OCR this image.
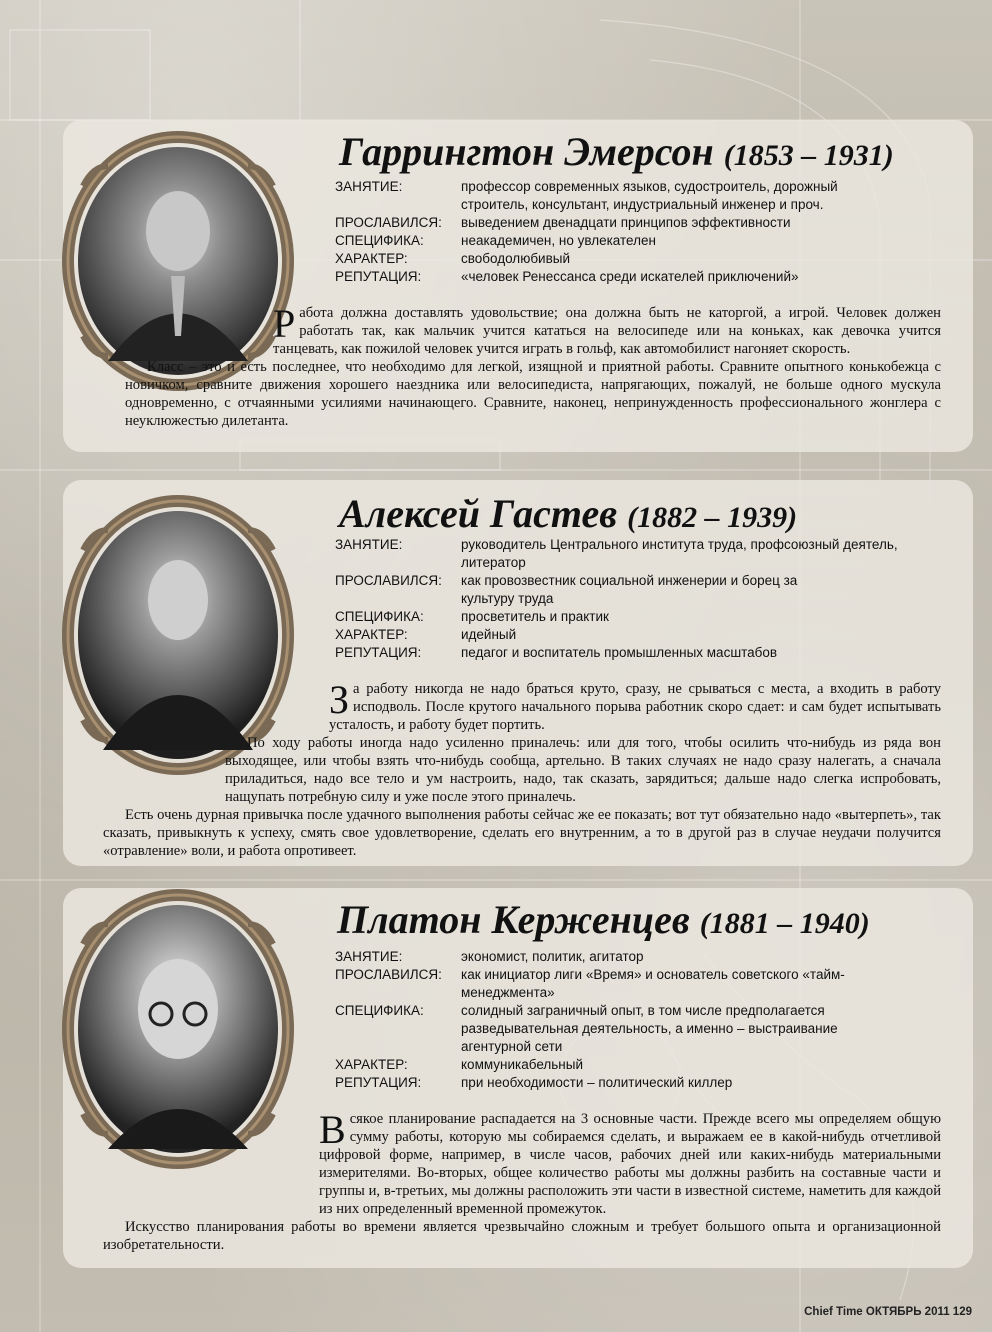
Гаррингтон Эмерсон (1853 – 1931)
ЗАНЯТИЕ:	профессор современных языков, судостроитель, дорожный строитель, консультант, индустриальный инженер и проч.
ПРОСЛАВИЛСЯ:	выведением двенадцати принципов эффективности
СПЕЦИФИКА:	неакадемичен, но увлекателен
ХАРАКТЕР:	свободолюбивый
РЕПУТАЦИЯ:	«человек Ренессанса среди искателей приключений»

Работа должна доставлять удовольствие; она должна быть не каторгой, а игрой. Человек должен работать так, как мальчик учится кататься на велосипеде или на коньках, как девочка учится танцевать, как пожилой человек учится играть в гольф, как автомобилист нагоняет скорость.

Класс – это и есть последнее, что необходимо для легкой, изящной и приятной работы. Сравните опытного конькобежца с новичком, сравните движения хорошего наездника или велосипедиста, напрягающих, пожалуй, не больше одного мускула одновременно, с отчаянными усилиями начинающего. Сравните, наконец, непринужденность профессионального жонглера с неуклюжестью дилетанта.

Алексей Гастев (1882 – 1939)
ЗАНЯТИЕ:	руководитель Центрального института труда, профсоюзный деятель, литератор
ПРОСЛАВИЛСЯ:	как провозвестник социальной инженерии и борец за культуру труда
СПЕЦИФИКА:	просветитель и практик
ХАРАКТЕР:	идейный
РЕПУТАЦИЯ:	педагог и воспитатель промышленных масштабов

За работу никогда не надо браться круто, сразу, не срываться с места, а входить в работу исподволь. После крутого начального порыва работник скоро сдает: и сам будет испытывать усталость, и работу будет портить.

По ходу работы иногда надо усиленно приналечь: или для того, чтобы осилить что-нибудь из ряда вон выходящее, или чтобы взять что-нибудь сообща, артельно. В таких случаях не надо сразу налегать, а сначала приладиться, надо все тело и ум настроить, надо, так сказать, зарядиться; дальше надо слегка испробовать, нащупать потребную силу и уже после этого приналечь.

Есть очень дурная привычка после удачного выполнения работы сейчас же ее показать; вот тут обязательно надо «вытерпеть», так сказать, привыкнуть к успеху, смять свое удовлетворение, сделать его внутренним, а то в другой раз в случае неудачи получится «отравление» воли, и работа опротивеет.

Платон Керженцев (1881 – 1940)
ЗАНЯТИЕ:	экономист, политик, агитатор
ПРОСЛАВИЛСЯ:	как инициатор лиги «Время» и основатель советского «тайм-менеджмента»
СПЕЦИФИКА:	солидный заграничный опыт, в том числе предполагается разведывательная деятельность, а именно – выстраивание агентурной сети
ХАРАКТЕР:	коммуникабельный
РЕПУТАЦИЯ:	при необходимости – политический киллер

Всякое планирование распадается на 3 основные части. Прежде всего мы определяем общую сумму работы, которую мы собираемся сделать, и выражаем ее в какой-нибудь отчетливой цифровой форме, например, в числе часов, рабочих дней или каких-нибудь материальными измерителями. Во-вторых, общее количество работы мы должны разбить на составные части и группы и, в-третьих, мы должны расположить эти части в известной системе, наметить для каждой из них определенный временной промежуток.

Искусство планирования работы во времени является чрезвычайно сложным и требует большого опыта и организационной изобретательности.

Chief Time ОКТЯБРЬ 2011 129
